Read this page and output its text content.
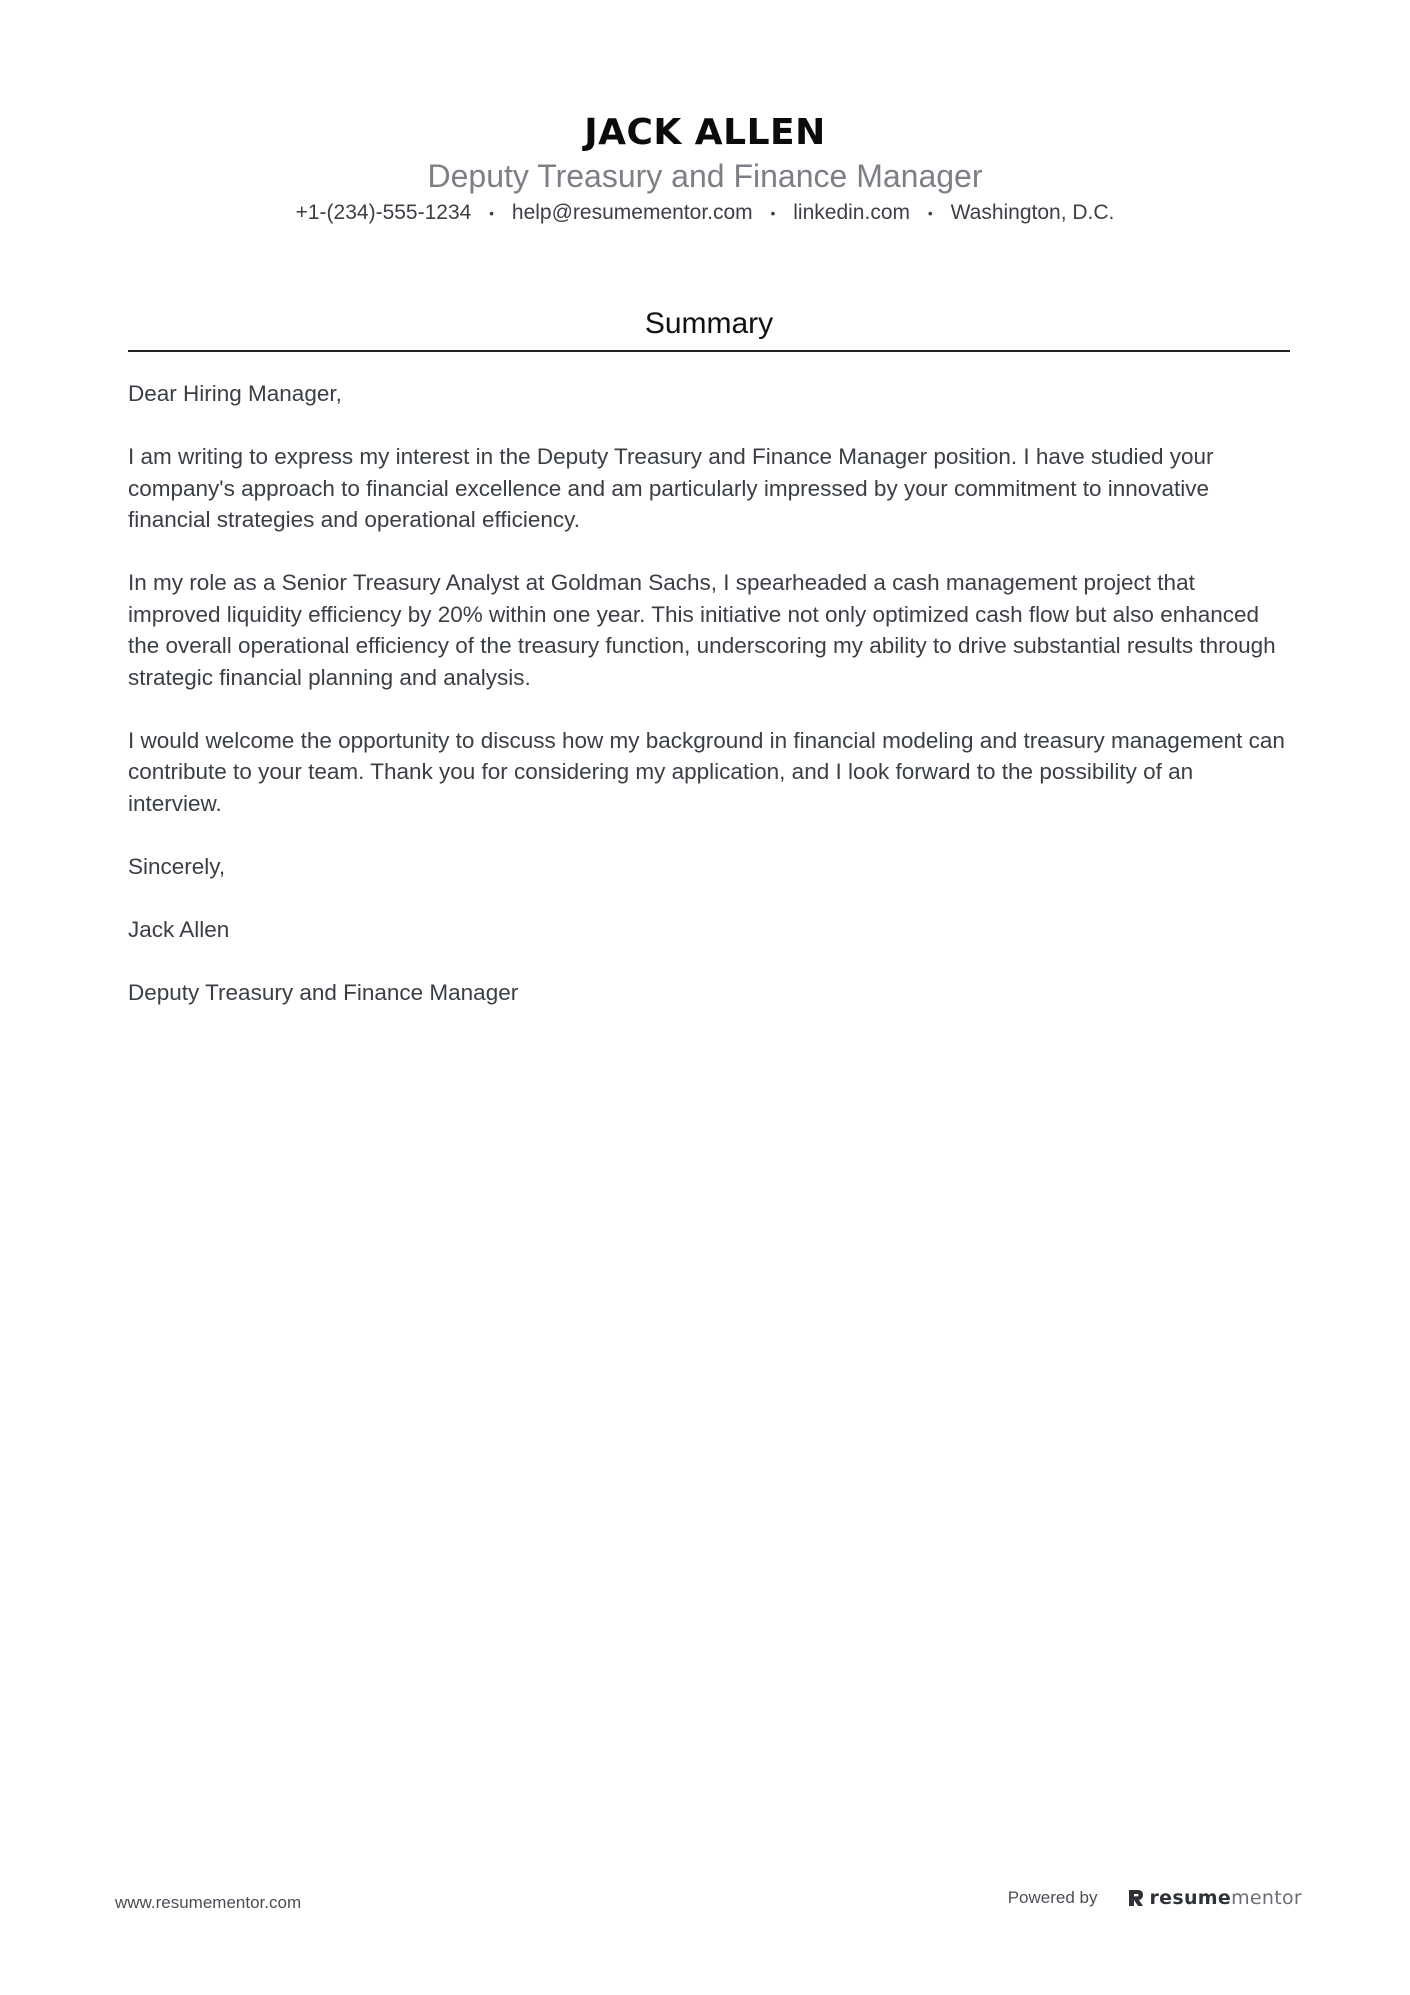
JACK ALLEN
Deputy Treasury and Finance Manager
+1-(234)-555-1234 • help@resumementor.com • linkedin.com • Washington, D.C.
Summary

Dear Hiring Manager,

I am writing to express my interest in the Deputy Treasury and Finance Manager position. I have studied your company's approach to financial excellence and am particularly impressed by your commitment to innovative financial strategies and operational efficiency.

In my role as a Senior Treasury Analyst at Goldman Sachs, I spearheaded a cash management project that improved liquidity efficiency by 20% within one year. This initiative not only optimized cash flow but also enhanced the overall operational efficiency of the treasury function, underscoring my ability to drive substantial results through strategic financial planning and analysis.

I would welcome the opportunity to discuss how my background in financial modeling and treasury management can contribute to your team. Thank you for considering my application, and I look forward to the possibility of an interview.

Sincerely,

Jack Allen

Deputy Treasury and Finance Manager

www.resumementor.com	Powered by	resumementor
